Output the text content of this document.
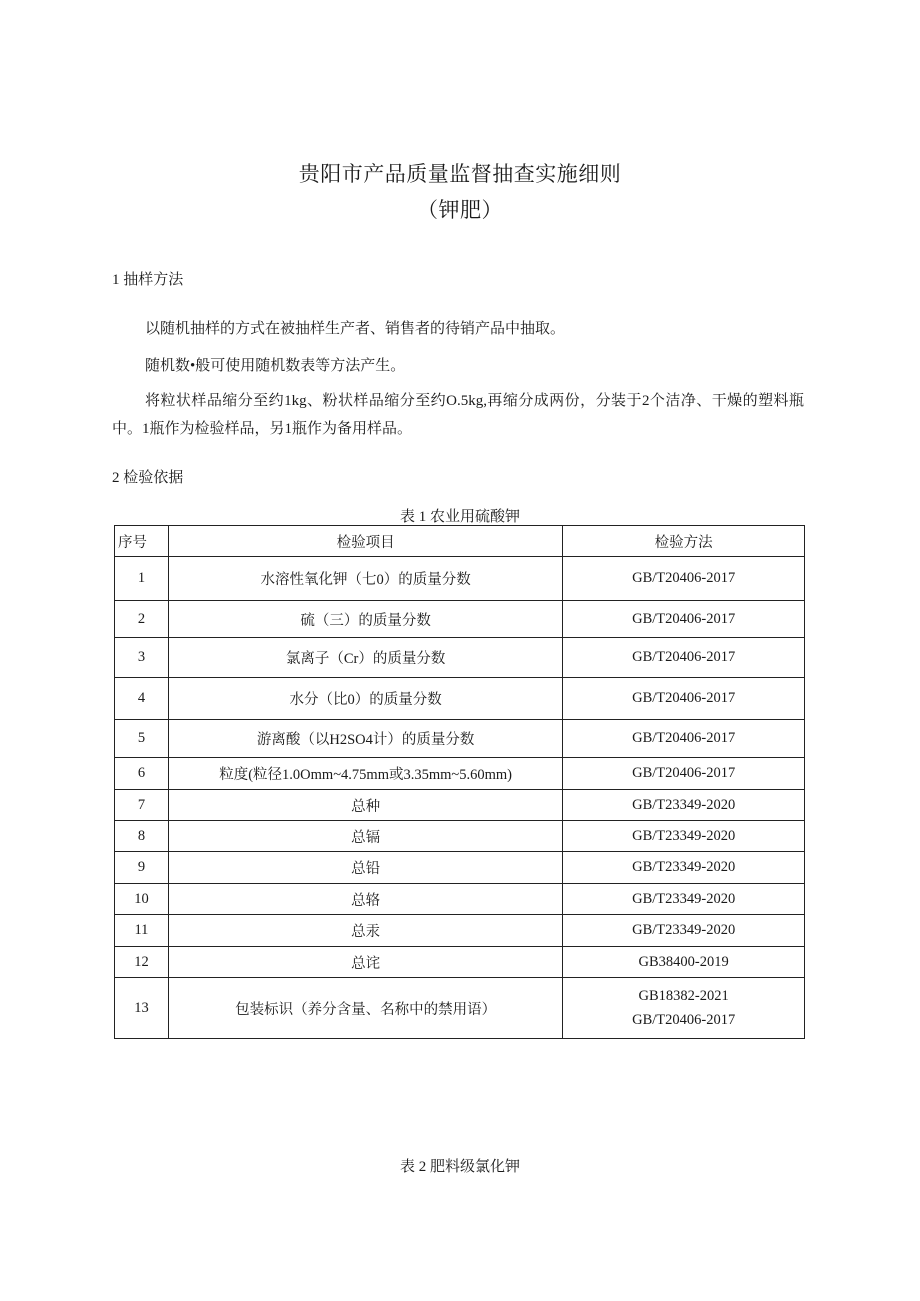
贵阳市产品质量监督抽查实施细则
（钾肥）
1 抽样方法

以随机抽样的方式在被抽样生产者、销售者的待销产品中抽取。

随机数•般可使用随机数表等方法产生。

将粒状样品缩分至约1kg、粉状样品缩分至约O.5kg,再缩分成两份，分装于2个洁净、干燥的塑料瓶中。1瓶作为检验样品，另1瓶作为备用样品。

2 检验依据

表 1 农业用硫酸钾

序号	检验项目	检验方法
1	水溶性氧化钾（七0）的质量分数	GB/T20406-2017
2	硫（三）的质量分数	GB/T20406-2017
3	氯离子（Cr）的质量分数	GB/T20406-2017
4	水分（比0）的质量分数	GB/T20406-2017
5	游离酸（以H2SO4计）的质量分数	GB/T20406-2017
6	粒度(粒径1.0Omm~4.75mm或3.35mm~5.60mm)	GB/T20406-2017
7	总种	GB/T23349-2020
8	总镉	GB/T23349-2020
9	总铅	GB/T23349-2020
10	总辂	GB/T23349-2020
11	总汞	GB/T23349-2020
12	总诧	GB38400-2019
13	包装标识（养分含量、名称中的禁用语）	GB18382-2021
GB/T20406-2017

表 2 肥料级氯化钾
